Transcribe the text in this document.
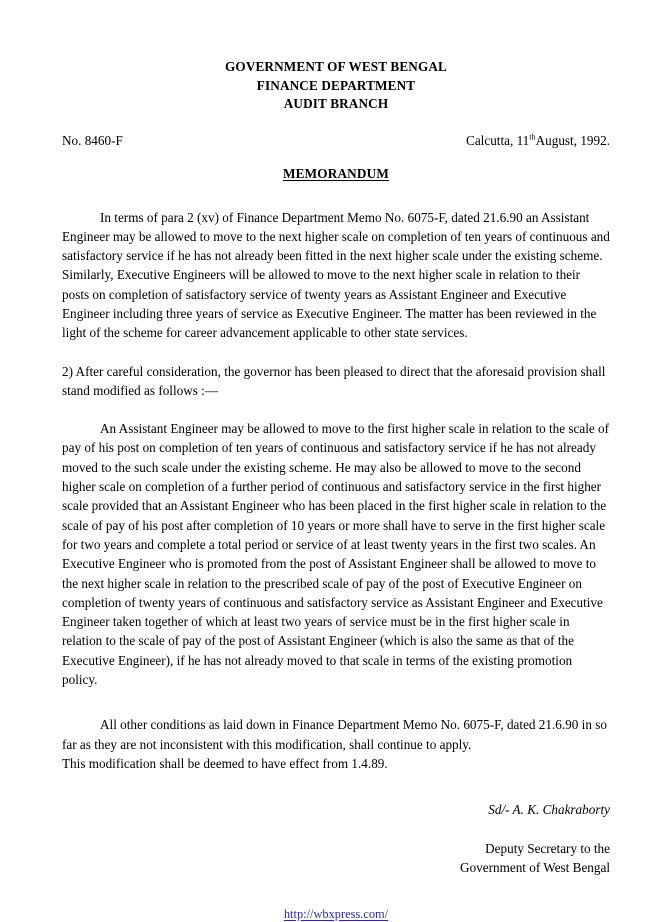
GOVERNMENT OF WEST BENGAL
FINANCE DEPARTMENT
AUDIT BRANCH
No. 8460-F	Calcutta, 11thAugust, 1992.
MEMORANDUM

In terms of para 2 (xv) of Finance Department Memo No. 6075-F, dated 21.6.90 an Assistant Engineer may be allowed to move to the next higher scale on completion of ten years of continuous and satisfactory service if he has not already been fitted in the next higher scale under the existing scheme. Similarly, Executive Engineers will be allowed to move to the next higher scale in relation to their posts on completion of satisfactory service of twenty years as Assistant Engineer and Executive Engineer including three years of service as Executive Engineer. The matter has been reviewed in the light of the scheme for career advancement applicable to other state services.

2) After careful consideration, the governor has been pleased to direct that the aforesaid provision shall stand modified as follows :—

An Assistant Engineer may be allowed to move to the first higher scale in relation to the scale of pay of his post on completion of ten years of continuous and satisfactory service if he has not already moved to the such scale under the existing scheme. He may also be allowed to move to the second higher scale on completion of a further period of continuous and satisfactory service in the first higher scale provided that an Assistant Engineer who has been placed in the first higher scale in relation to the scale of pay of his post after completion of 10 years or more shall have to serve in the first higher scale for two years and complete a total period or service of at least twenty years in the first two scales. An Executive Engineer who is promoted from the post of Assistant Engineer shall be allowed to move to the next higher scale in relation to the prescribed scale of pay of the post of Executive Engineer on completion of twenty years of continuous and satisfactory service as Assistant Engineer and Executive Engineer taken together of which at least two years of service must be in the first higher scale in relation to the scale of pay of the post of Assistant Engineer (which is also the same as that of the Executive Engineer), if he has not already moved to that scale in terms of the existing promotion policy.

All other conditions as laid down in Finance Department Memo No. 6075-F, dated 21.6.90 in so far as they are not inconsistent with this modification, shall continue to apply.

This modification shall be deemed to have effect from 1.4.89.

Sd/- A. K. Chakraborty
Deputy Secretary to the
Government of West Bengal
http://wbxpress.com/
